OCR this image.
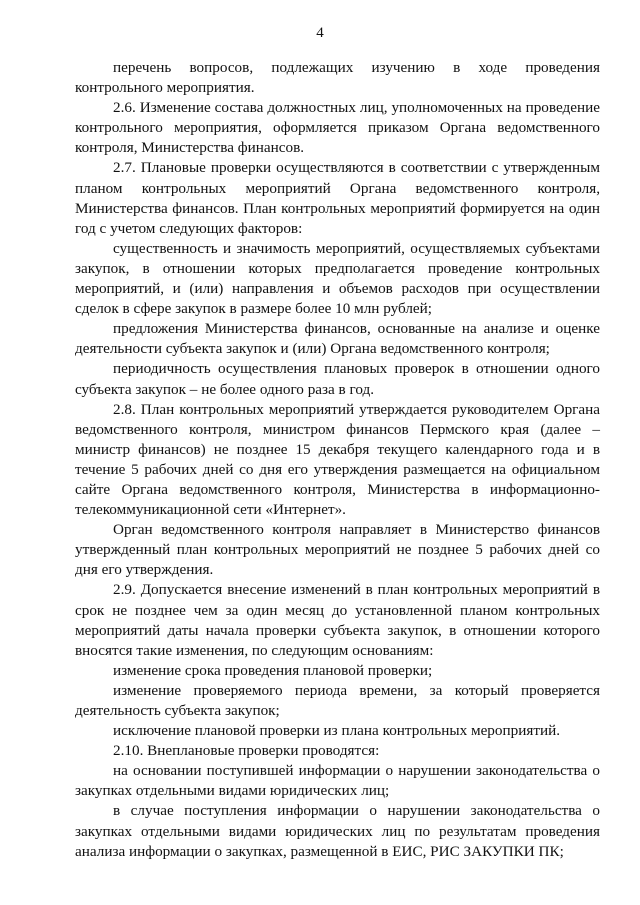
4

перечень вопросов, подлежащих изучению в ходе проведения контрольного мероприятия.

2.6. Изменение состава должностных лиц, уполномоченных на проведение контрольного мероприятия, оформляется приказом Органа ведомственного контроля, Министерства финансов.

2.7. Плановые проверки осуществляются в соответствии с утвержденным планом контрольных мероприятий Органа ведомственного контроля, Министерства финансов. План контрольных мероприятий формируется на один год с учетом следующих факторов:

существенность и значимость мероприятий, осуществляемых субъектами закупок, в отношении которых предполагается проведение контрольных мероприятий, и (или) направления и объемов расходов при осуществлении сделок в сфере закупок в размере более 10 млн рублей;

предложения Министерства финансов, основанные на анализе и оценке деятельности субъекта закупок и (или) Органа ведомственного контроля;

периодичность осуществления плановых проверок в отношении одного субъекта закупок – не более одного раза в год.

2.8. План контрольных мероприятий утверждается руководителем Органа ведомственного контроля, министром финансов Пермского края (далее – министр финансов) не позднее 15 декабря текущего календарного года и в течение 5 рабочих дней со дня его утверждения размещается на официальном сайте Органа ведомственного контроля, Министерства в информационно-телекоммуникационной сети «Интернет».

Орган ведомственного контроля направляет в Министерство финансов утвержденный план контрольных мероприятий не позднее 5 рабочих дней со дня его утверждения.

2.9. Допускается внесение изменений в план контрольных мероприятий в срок не позднее чем за один месяц до установленной планом контрольных мероприятий даты начала проверки субъекта закупок, в отношении которого вносятся такие изменения, по следующим основаниям:

изменение срока проведения плановой проверки;

изменение проверяемого периода времени, за который проверяется деятельность субъекта закупок;

исключение плановой проверки из плана контрольных мероприятий.

2.10. Внеплановые проверки проводятся:

на основании поступившей информации о нарушении законодательства о закупках отдельными видами юридических лиц;

в случае поступления информации о нарушении законодательства о закупках отдельными видами юридических лиц по результатам проведения анализа информации о закупках, размещенной в ЕИС, РИС ЗАКУПКИ ПК;
